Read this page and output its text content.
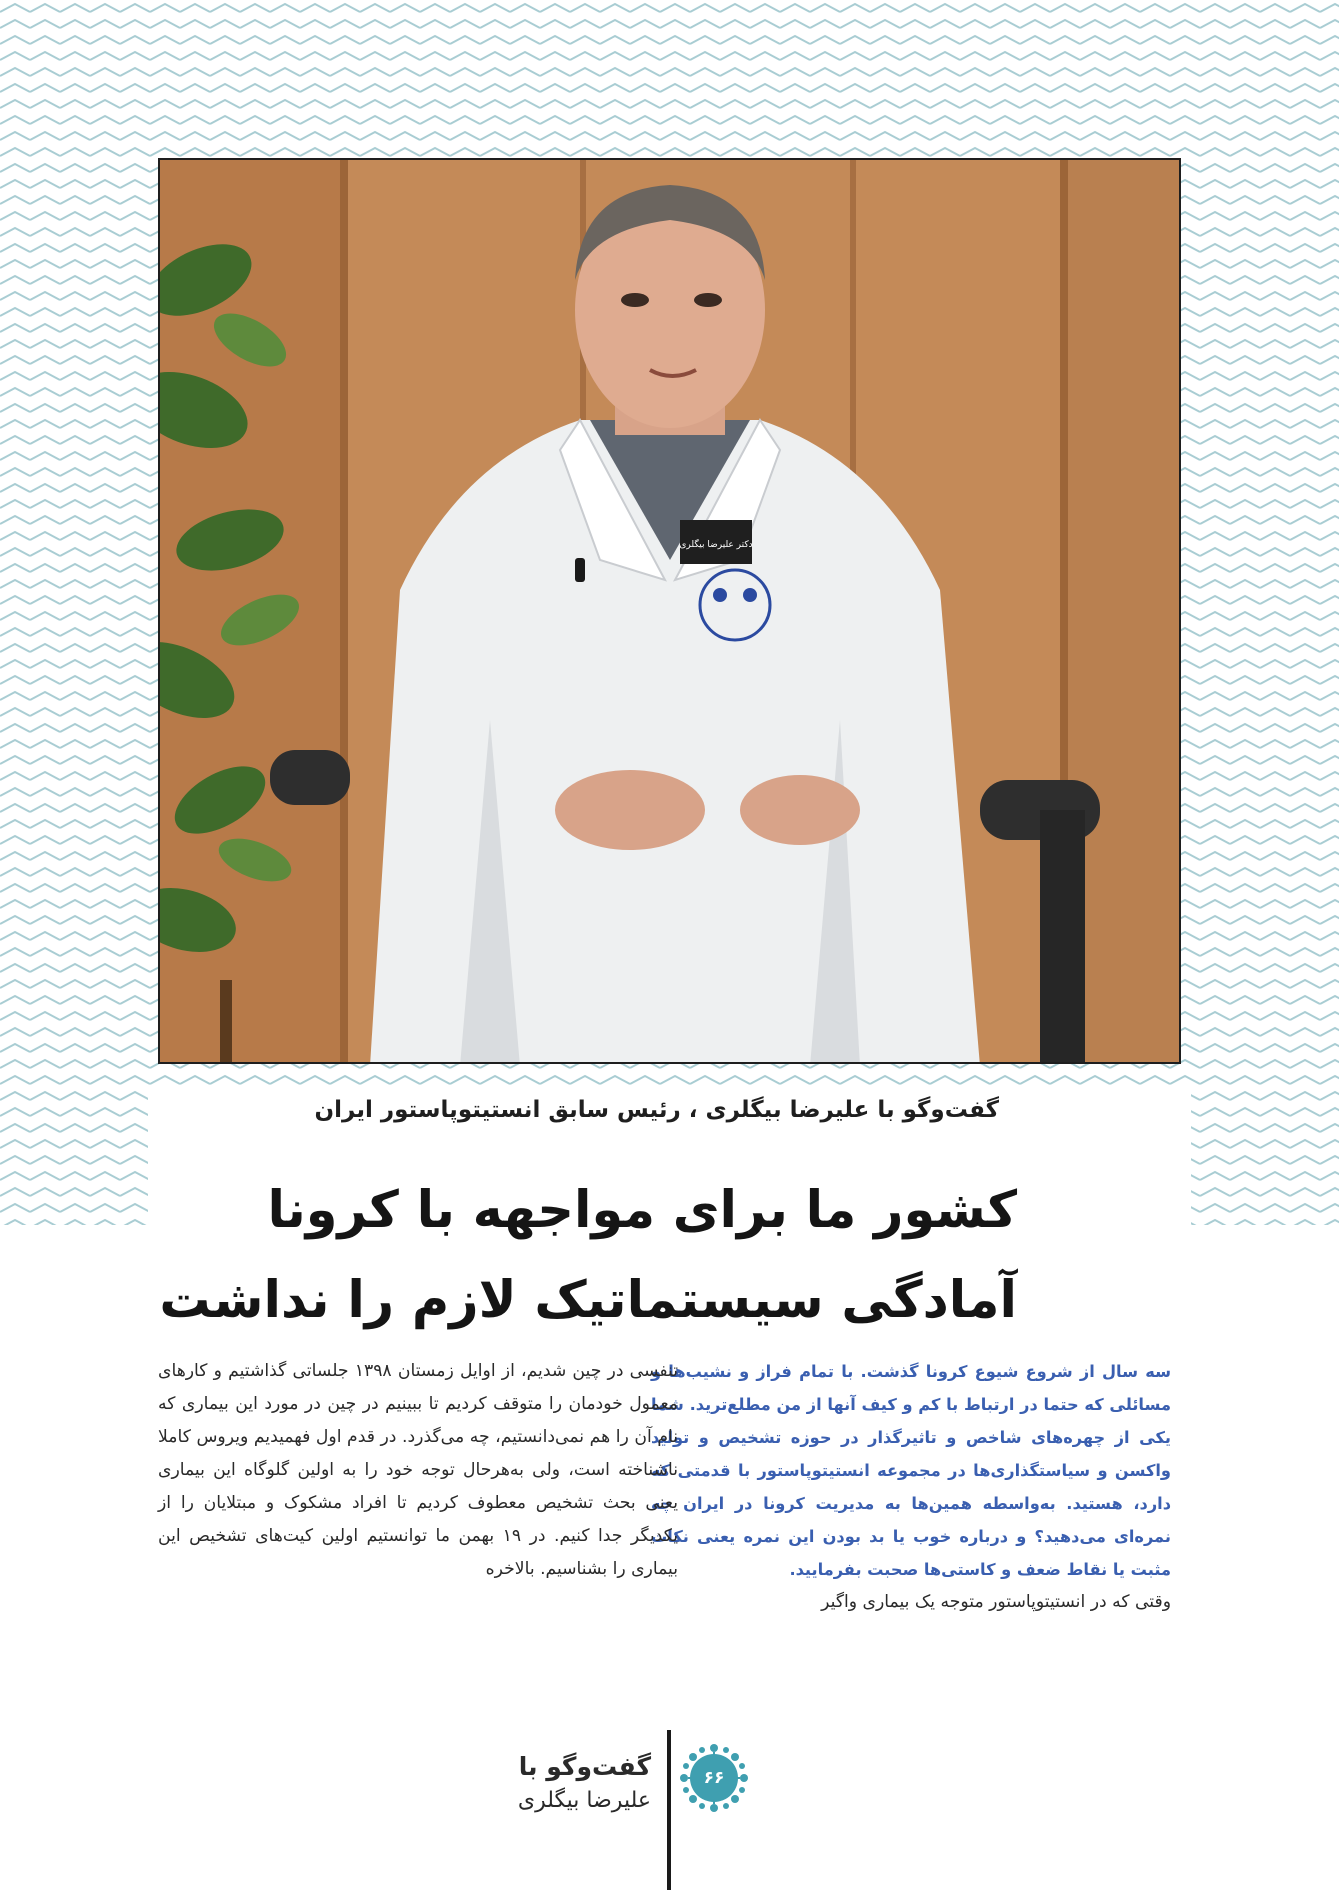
دکتر علیرضا بیگلری
گفت‌وگو با علیرضا بیگلری ، رئیس سابق انستیتوپاستور ایران
کشور ما برای مواجهه با کرونا
آمادگی سیستماتیک لازم را نداشت

سه سال از شروع شیوع کرونا گذشت. با تمام فراز و نشیب‌ها و مسائلی که حتما در ارتباط با کم و کیف آنها از من مطلع‌ترید. شما یکی از چهره‌های شاخص و تاثیرگذار در حوزه تشخیص و تولید واکسن و سیاستگذاری‌ها در مجموعه انستیتوپاستور با قدمتی که دارد، هستید. به‌واسطه همین‌ها به مدیریت کرونا در ایران چه نمره‌ای می‌دهید؟ و درباره خوب یا بد بودن این نمره یعنی نکات مثبت یا نقاط ضعف و کاستی‌ها صحبت بفرمایید.

وقتی که در انستیتوپاستور متوجه یک بیماری واگیر

تنفسی در چین شدیم، از اوایل زمستان ۱۳۹۸ جلساتی گذاشتیم و کارهای معمول خودمان را متوقف کردیم تا ببینیم در چین در مورد این بیماری که نام آن را هم نمی‌دانستیم، چه می‌گذرد. در قدم اول فهمیدیم ویروس کاملا ناشناخته است، ولی به‌هرحال توجه خود را به اولین گلوگاه این بیماری یعنی بحث تشخیص معطوف کردیم تا افراد مشکوک و مبتلایان را از یکدیگر جدا کنیم. در ۱۹ بهمن ما توانستیم اولین کیت‌های تشخیص این بیماری را بشناسیم. بالاخره

گفت‌وگو با
علیرضا بیگلری
۶۶
